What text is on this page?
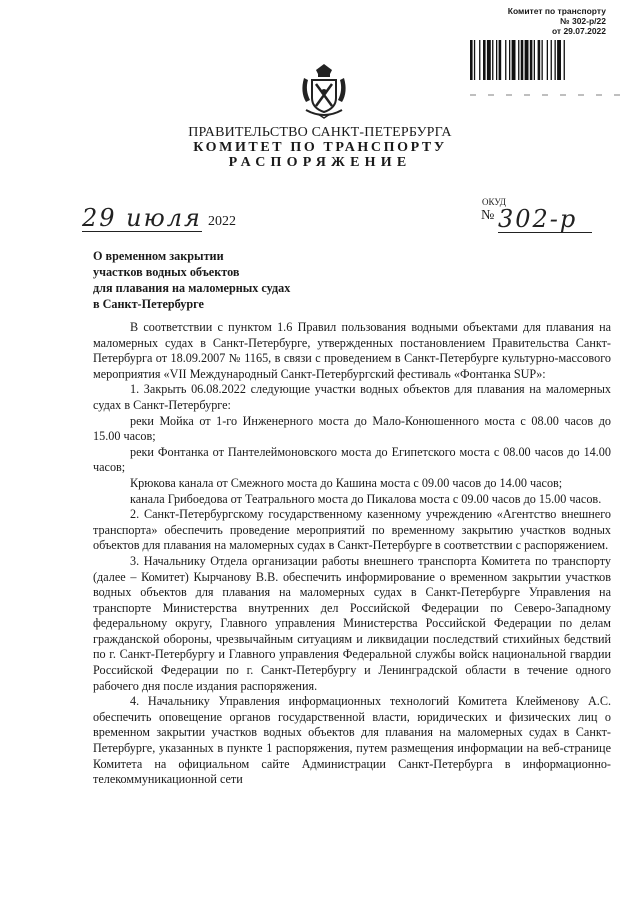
Комитет по транспорту
№ 302-р/22
от 29.07.2022
ПРАВИТЕЛЬСТВО САНКТ-ПЕТЕРБУРГА
КОМИТЕТ ПО ТРАНСПОРТУ
РАСПОРЯЖЕНИЕ
ОКУД
29 июля 2022	№ 302-р
О временном закрытии
участков водных объектов
для плавания на маломерных судах
в Санкт-Петербурге

В соответствии с пунктом 1.6 Правил пользования водными объектами для плавания на маломерных судах в Санкт-Петербурге, утвержденных постановлением Правительства Санкт-Петербурга от 18.09.2007 № 1165, в связи с проведением в Санкт-Петербурге культурно-массового мероприятия «VII Международный Санкт-Петербургский фестиваль «Фонтанка SUP»:

1. Закрыть 06.08.2022 следующие участки водных объектов для плавания на маломерных судах в Санкт-Петербурге:

реки Мойка от 1-го Инженерного моста до Мало-Конюшенного моста с 08.00 часов до 15.00 часов;

реки Фонтанка от Пантелеймоновского моста до Египетского моста с 08.00 часов до 14.00 часов;

Крюкова канала от Смежного моста до Кашина моста с 09.00 часов до 14.00 часов;

канала Грибоедова от Театрального моста до Пикалова моста с 09.00 часов до 15.00 часов.

2. Санкт-Петербургскому государственному казенному учреждению «Агентство внешнего транспорта» обеспечить проведение мероприятий по временному закрытию участков водных объектов для плавания на маломерных судах в Санкт-Петербурге в соответствии с распоряжением.

3. Начальнику Отдела организации работы внешнего транспорта Комитета по транспорту (далее – Комитет) Кырчанову В.В. обеспечить информирование о временном закрытии участков водных объектов для плавания на маломерных судах в Санкт-Петербурге Управления на транспорте Министерства внутренних дел Российской Федерации по Северо-Западному федеральному округу, Главного управления Министерства Российской Федерации по делам гражданской обороны, чрезвычайным ситуациям и ликвидации последствий стихийных бедствий по г. Санкт-Петербургу и Главного управления Федеральной службы войск национальной гвардии Российской Федерации по г. Санкт-Петербургу и Ленинградской области в течение одного рабочего дня после издания распоряжения.

4. Начальнику Управления информационных технологий Комитета Клейменову А.С. обеспечить оповещение органов государственной власти, юридических и физических лиц о временном закрытии участков водных объектов для плавания на маломерных судах в Санкт-Петербурге, указанных в пункте 1 распоряжения, путем размещения информации на веб-странице Комитета на официальном сайте Администрации Санкт-Петербурга в информационно-телекоммуникационной сети
